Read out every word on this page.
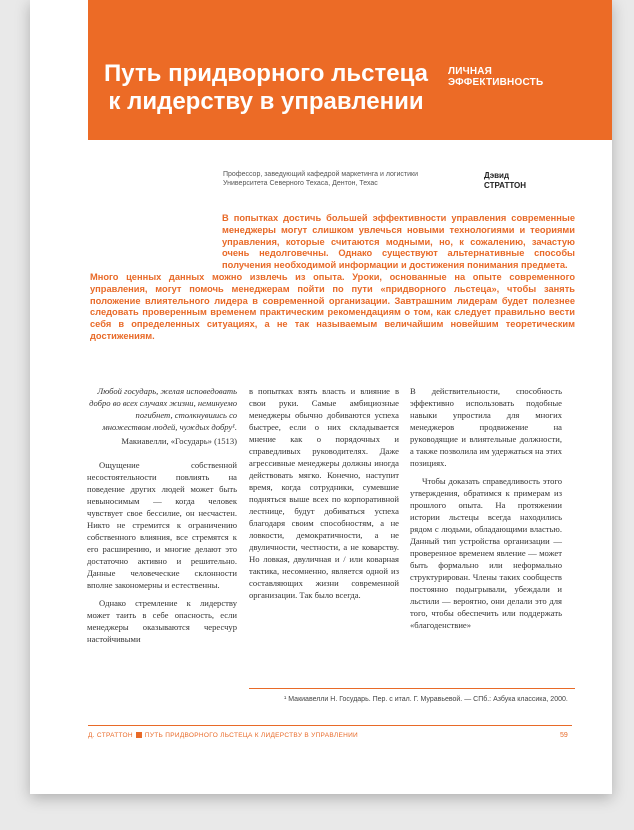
Путь придворного льстеца
к лидерству в управлении
ЛИЧНАЯ
ЭФФЕКТИВНОСТЬ
Профессор, заведующий кафедрой маркетинга и логистики
Университета Северного Техаса, Дентон, Техас
Дэвид
СТРАТТОН

В попытках достичь большей эффективности управления современные менеджеры могут слишком увлечься новыми технологиями и теориями управления, которые считаются модными, но, к сожалению, зачастую очень недолговечны. Однако существуют альтернативные способы получения необходимой информации и достижения понимания предмета.

Много ценных данных можно извлечь из опыта. Уроки, основанные на опыте современного управления, могут помочь менеджерам пойти по пути «придворного льстеца», чтобы занять положение влиятельного лидера в современной организации. Завтрашним лидерам будет полезнее следовать проверенным временем практическим рекомендациям о том, как следует правильно вести себя в определенных ситуациях, а не так называемым величайшим новейшим теоретическим достижениям.

Любой государь, желая исповедовать добро во всех случаях жизни, неминуемо погибнет, столкнувшись со множеством людей, чуждых добру¹.
Макиавелли, «Государь» (1513)

Ощущение собственной несостоятельности повлиять на поведение других людей может быть невыносимым — когда человек чувствует свое бессилие, он несчастен. Никто не стремится к ограничению собственного влияния, все стремятся к его расширению, и многие делают это достаточно активно и решительно. Данные человеческие склонности вполне закономерны и естественны.

Однако стремление к лидерству может таить в себе опасность, если менеджеры оказываются чересчур настойчивыми

в попытках взять власть и влияние в свои руки. Самые амбициозные менеджеры обычно добиваются успеха быстрее, если о них складывается мнение как о порядочных и справедливых руководителях. Даже агрессивные менеджеры должны иногда действовать мягко. Конечно, наступит время, когда сотрудники, сумевшие подняться выше всех по корпоративной лестнице, будут добиваться успеха благодаря своим способностям, а не ловкости, демократичности, а не двуличности, честности, а не коварству. Но ловкая, двуличная и / или коварная тактика, несомненно, является одной из составляющих жизни современной организации. Так было всегда.

В действительности, способность эффективно использовать подобные навыки упростила для многих менеджеров продвижение на руководящие и влиятельные должности, а также позволила им удержаться на этих позициях.

Чтобы доказать справедливость этого утверждения, обратимся к примерам из прошлого опыта. На протяжении истории льстецы всегда находились рядом с людьми, обладающими властью. Данный тип устройства организации — проверенное временем явление — может быть формально или неформально структурирован. Члены таких сообществ постоянно подыгрывали, убеждали и льстили — вероятно, они делали это для того, чтобы обеспечить или поддержать «благоденствие»

¹ Макиавелли Н. Государь. Пер. с итал. Г. Муравьевой. — СПб.: Азбука классика, 2000.
Д. СТРАТТОН ПУТЬ ПРИДВОРНОГО ЛЬСТЕЦА К ЛИДЕРСТВУ В УПРАВЛЕНИИ	59
